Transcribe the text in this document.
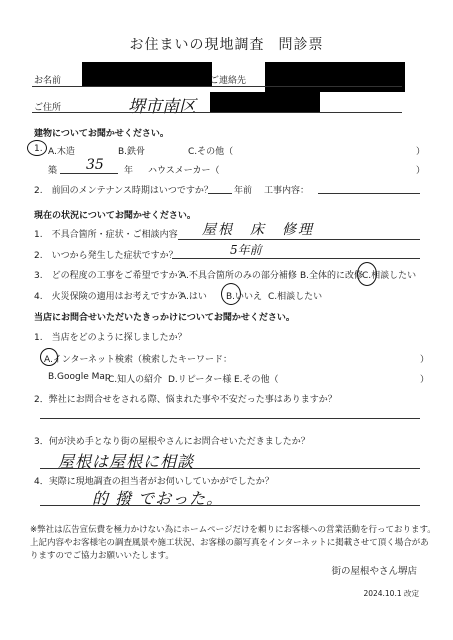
お住まいの現地調査 問診票
お名前	ご連絡先
ご住所	堺市南区
建物についてお聞かせください。
1. A.木造	B.鉄骨	C.その他（	）
築 35 年 ハウスメーカー（	）
2.　前回のメンテナンス時期はいつですか？ 年前 工事内容：
現在の状況についてお聞かせください。
1.　不具合箇所・症状・ご相談内容 屋根　床　修理
2.　いつから発生した症状ですか？	5年前
3.　どの程度の工事をご希望ですか？
A.不具合箇所のみの部分補修 B.全体的に改修
C.相談したい
4.　火災保険の適用はお考えですか？
A.はい B.いいえ C.相談したい
当店にお問合せいただいたきっかけについてお聞かせください。
1.　当店をどのように探しましたか？
A.インターネット検索（検索したキーワード：	）
B.Google Map
C.知人の紹介 D.リピーター様 E.その他（	）
2．弊社にお問合せをされる際、悩まれた事や不安だった事はありますか？
3．何が決め手となり街の屋根やさんにお問合せいただきましたか？
屋根は屋根に相談
4．実際に現地調査の担当者がお伺いしていかがでしたか？
的 撥 でおった。
※弊社は広告宣伝費を極力かけない為にホームページだけを頼りにお客様への営業活動を行っております。
上記内容やお客様宅の調査風景や施工状況、お客様の顔写真をインターネットに掲載させて頂く場合があ
りますのでご協力お願いいたします。
街の屋根やさん堺店
2024.10.1 改定
